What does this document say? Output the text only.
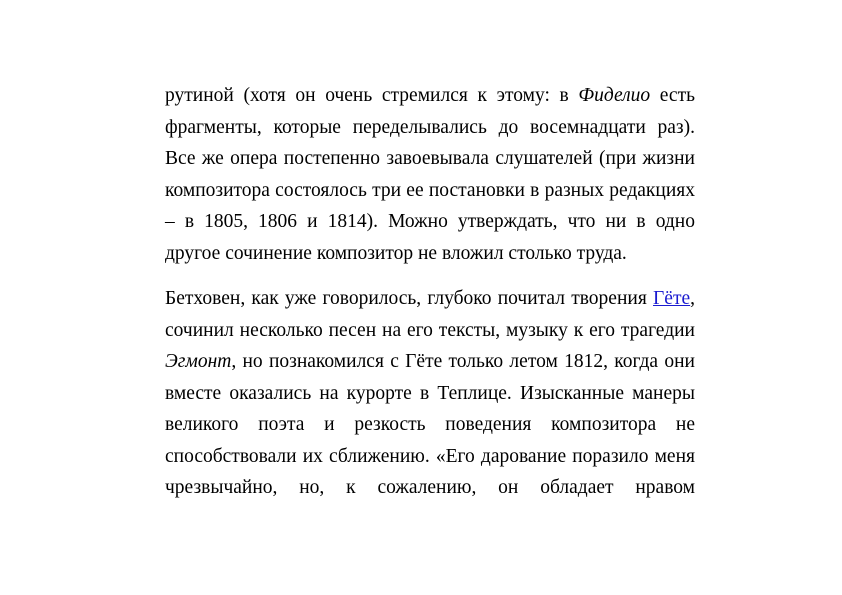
рутиной (хотя он очень стремился к этому: в Фиделио есть фрагменты, которые переделывались до восемнадцати раз). Все же опера постепенно завоевывала слушателей (при жизни композитора состоялось три ее постановки в разных редакциях – в 1805, 1806 и 1814). Можно утверждать, что ни в одно другое сочинение композитор не вложил столько труда.

Бетховен, как уже говорилось, глубоко почитал творения Гёте, сочинил несколько песен на его тексты, музыку к его трагедии Эгмонт, но познакомился с Гёте только летом 1812, когда они вместе оказались на курорте в Теплице. Изысканные манеры великого поэта и резкость поведения композитора не способствовали их сближению. «Его дарование поразило меня чрезвычайно, но, к сожалению, он обладает нравом
